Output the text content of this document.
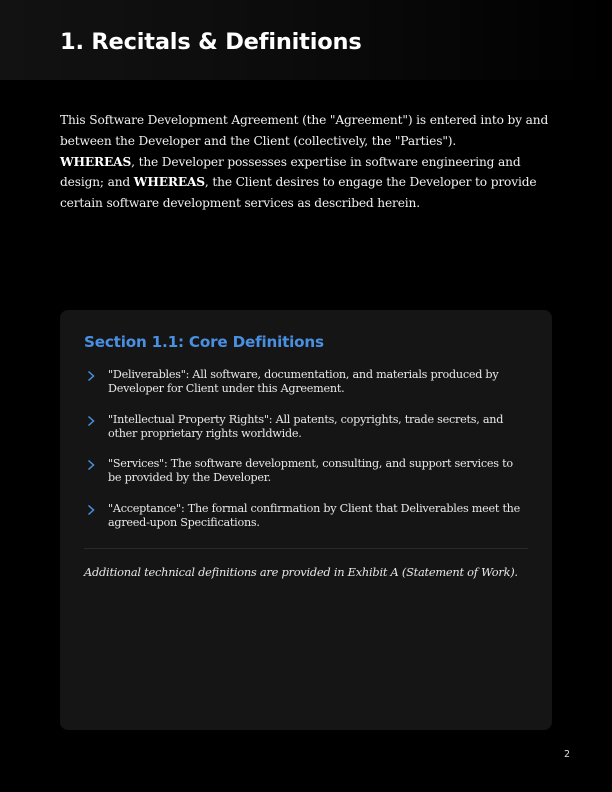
1. Recitals & Definitions

This Software Development Agreement (the "Agreement") is entered into by and between the Developer and the Client (collectively, the "Parties").

WHEREAS, the Developer possesses expertise in software engineering and design; and WHEREAS, the Client desires to engage the Developer to provide certain software development services as described herein.

Section 1.1: Core Definitions
"Deliverables": All software, documentation, and materials produced by Developer for Client under this Agreement.
"Intellectual Property Rights": All patents, copyrights, trade secrets, and other proprietary rights worldwide.
"Services": The software development, consulting, and support services to be provided by the Developer.
"Acceptance": The formal confirmation by Client that Deliverables meet the agreed-upon Specifications.
Additional technical definitions are provided in Exhibit A (Statement of Work).
2
